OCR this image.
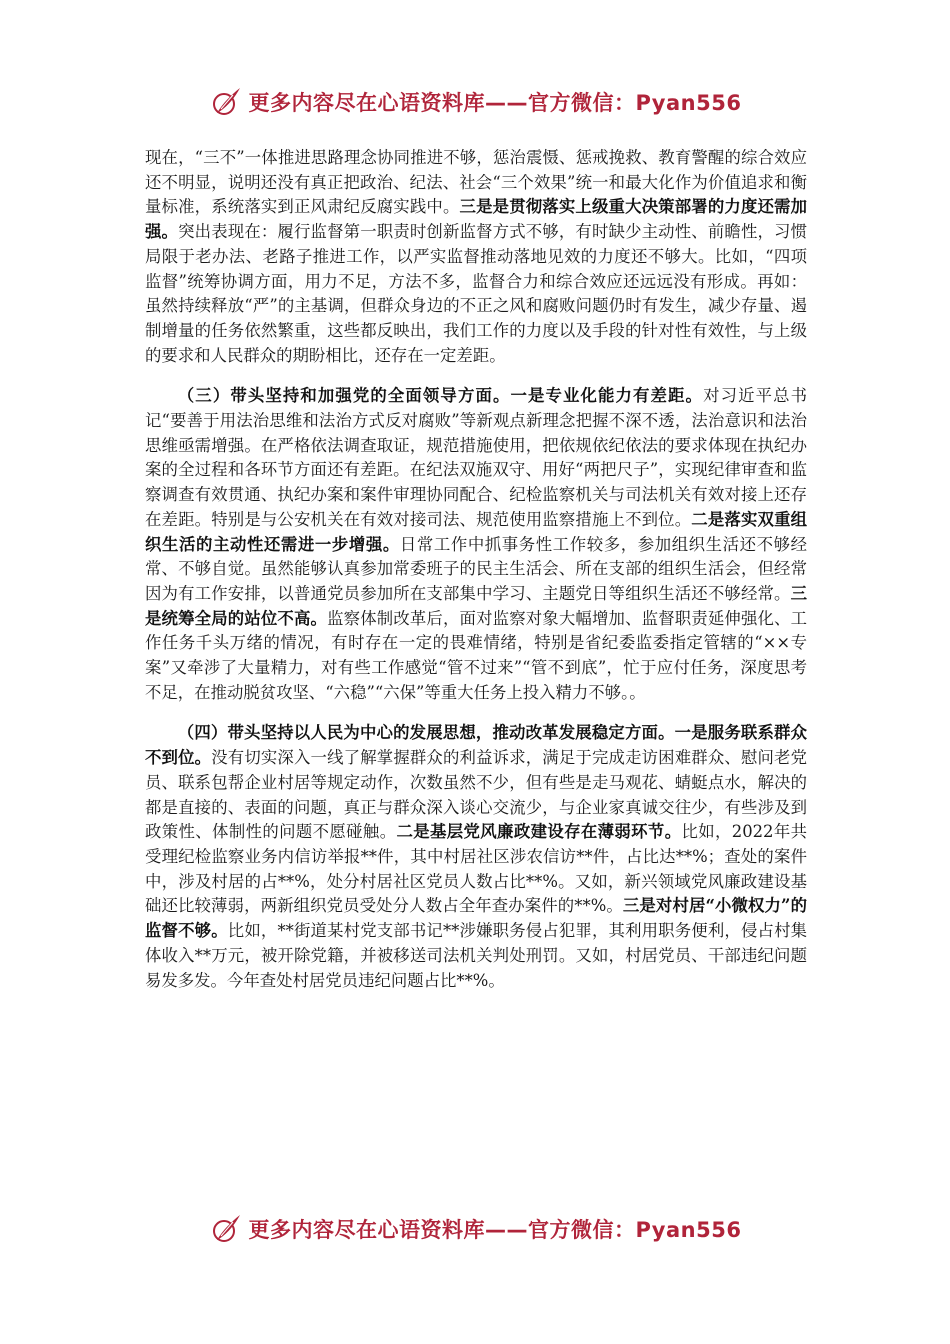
更多内容尽在心语资料库——官方微信：Pyan556

现在，“三不”一体推进思路理念协同推进不够，惩治震慑、惩戒挽救、教育警醒的综合效应还不明显，说明还没有真正把政治、纪法、社会“三个效果”统一和最大化作为价值追求和衡量标准，系统落实到正风肃纪反腐实践中。三是是贯彻落实上级重大决策部署的力度还需加强。突出表现在：履行监督第一职责时创新监督方式不够，有时缺少主动性、前瞻性，习惯局限于老办法、老路子推进工作，以严实监督推动落地见效的力度还不够大。比如，“四项监督”统筹协调方面，用力不足，方法不多，监督合力和综合效应还远远没有形成。再如：虽然持续释放“严”的主基调，但群众身边的不正之风和腐败问题仍时有发生，减少存量、遏制增量的任务依然繁重，这些都反映出，我们工作的力度以及手段的针对性有效性，与上级的要求和人民群众的期盼相比，还存在一定差距。

（三）带头坚持和加强党的全面领导方面。一是专业化能力有差距。对习近平总书记“要善于用法治思维和法治方式反对腐败”等新观点新理念把握不深不透，法治意识和法治思维亟需增强。在严格依法调查取证，规范措施使用，把依规依纪依法的要求体现在执纪办案的全过程和各环节方面还有差距。在纪法双施双守、用好“两把尺子”，实现纪律审查和监察调查有效贯通、执纪办案和案件审理协同配合、纪检监察机关与司法机关有效对接上还存在差距。特别是与公安机关在有效对接司法、规范使用监察措施上不到位。二是落实双重组织生活的主动性还需进一步增强。日常工作中抓事务性工作较多，参加组织生活还不够经常、不够自觉。虽然能够认真参加常委班子的民主生活会、所在支部的组织生活会，但经常因为有工作安排，以普通党员参加所在支部集中学习、主题党日等组织生活还不够经常。三是统筹全局的站位不高。监察体制改革后，面对监察对象大幅增加、监督职责延伸强化、工作任务千头万绪的情况，有时存在一定的畏难情绪，特别是省纪委监委指定管辖的“××专案”又牵涉了大量精力，对有些工作感觉“管不过来”“管不到底”，忙于应付任务，深度思考不足，在推动脱贫攻坚、“六稳”“六保”等重大任务上投入精力不够。。

（四）带头坚持以人民为中心的发展思想，推动改革发展稳定方面。一是服务联系群众不到位。没有切实深入一线了解掌握群众的利益诉求，满足于完成走访困难群众、慰问老党员、联系包帮企业村居等规定动作，次数虽然不少，但有些是走马观花、蜻蜓点水，解决的都是直接的、表面的问题，真正与群众深入谈心交流少，与企业家真诚交往少，有些涉及到政策性、体制性的问题不愿碰触。二是基层党风廉政建设存在薄弱环节。比如，2022年共受理纪检监察业务内信访举报**件，其中村居社区涉农信访**件，占比达**%；查处的案件中，涉及村居的占**%，处分村居社区党员人数占比**%。又如，新兴领域党风廉政建设基础还比较薄弱，两新组织党员受处分人数占全年查办案件的**%。三是对村居“小微权力”的监督不够。比如，**街道某村党支部书记**涉嫌职务侵占犯罪，其利用职务便利，侵占村集体收入**万元，被开除党籍，并被移送司法机关判处刑罚。又如，村居党员、干部违纪问题易发多发。今年查处村居党员违纪问题占比**%。

更多内容尽在心语资料库——官方微信：Pyan556
